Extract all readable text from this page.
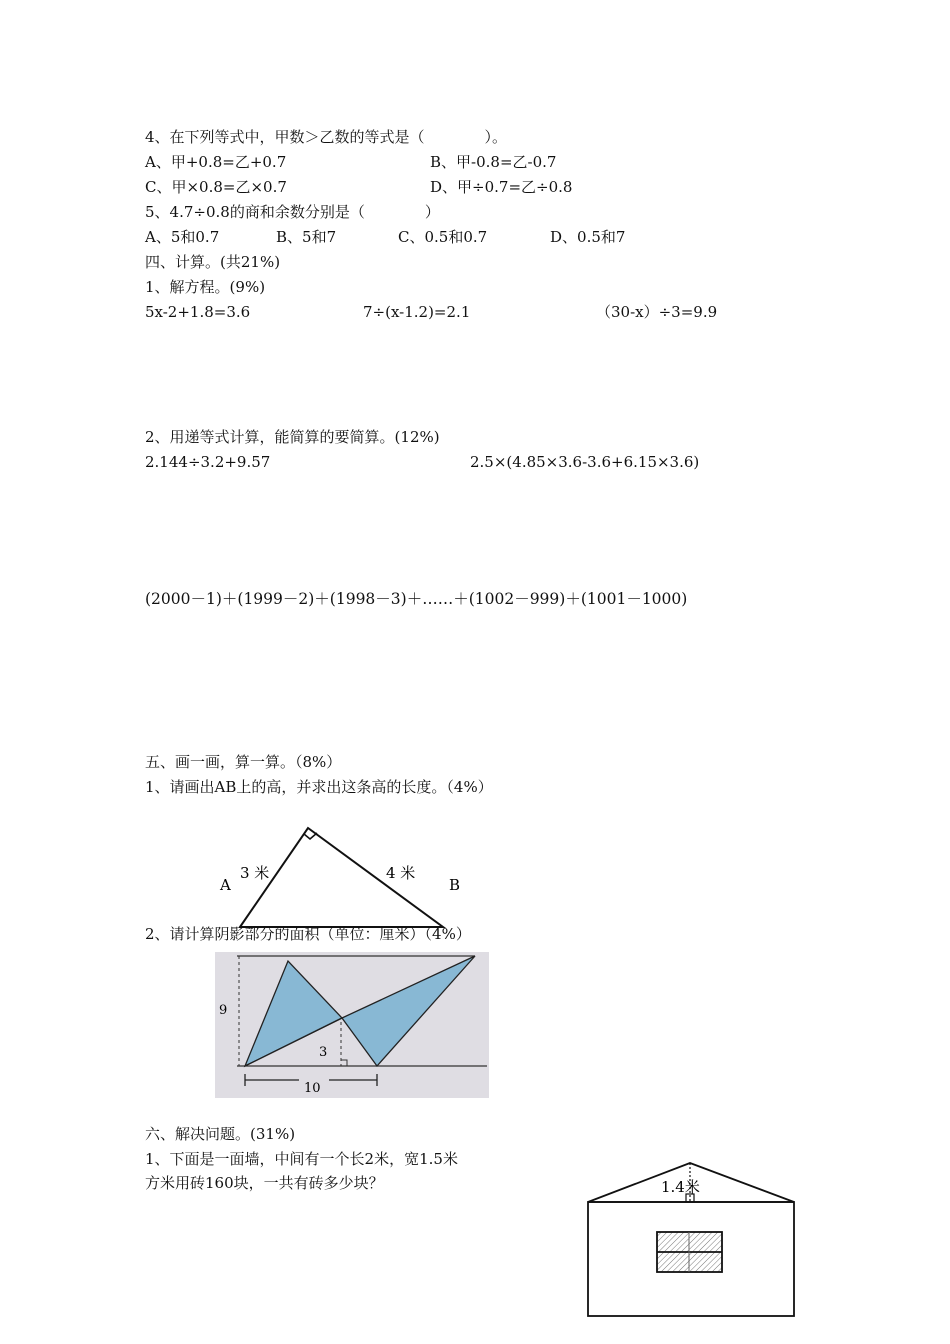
4、在下列等式中，甲数＞乙数的等式是（　　　　）。
A、甲+0.8=乙+0.7	B、甲-0.8=乙-0.7
C、甲×0.8=乙×0.7	D、甲÷0.7=乙÷0.8
5、4.7÷0.8的商和余数分别是（　　　　）
A、5和0.7	B、5和7	C、0.5和0.7	D、0.5和7
四、计算。(共21%)
1、解方程。(9%)
5x-2+1.8=3.6	7÷(x-1.2)=2.1	（30-x）÷3=9.9
2、用递等式计算，能简算的要简算。(12%)
2.144÷3.2+9.57	2.5×(4.85×3.6-3.6+6.15×3.6)
(2000－1)＋(1999－2)＋(1998－3)＋……＋(1002－999)＋(1001－1000)
五、画一画，算一算。（8%）
1、请画出AB上的高，并求出这条高的长度。（4%）
A	B
3 米	4 米
2、请计算阴影部分的面积（单位：厘米）（4%）
9
3
10
六、解决问题。(31%)
1、下面是一面墙，中间有一个长2米，宽1.5米
方米用砖160块，一共有砖多少块？	1.4米
